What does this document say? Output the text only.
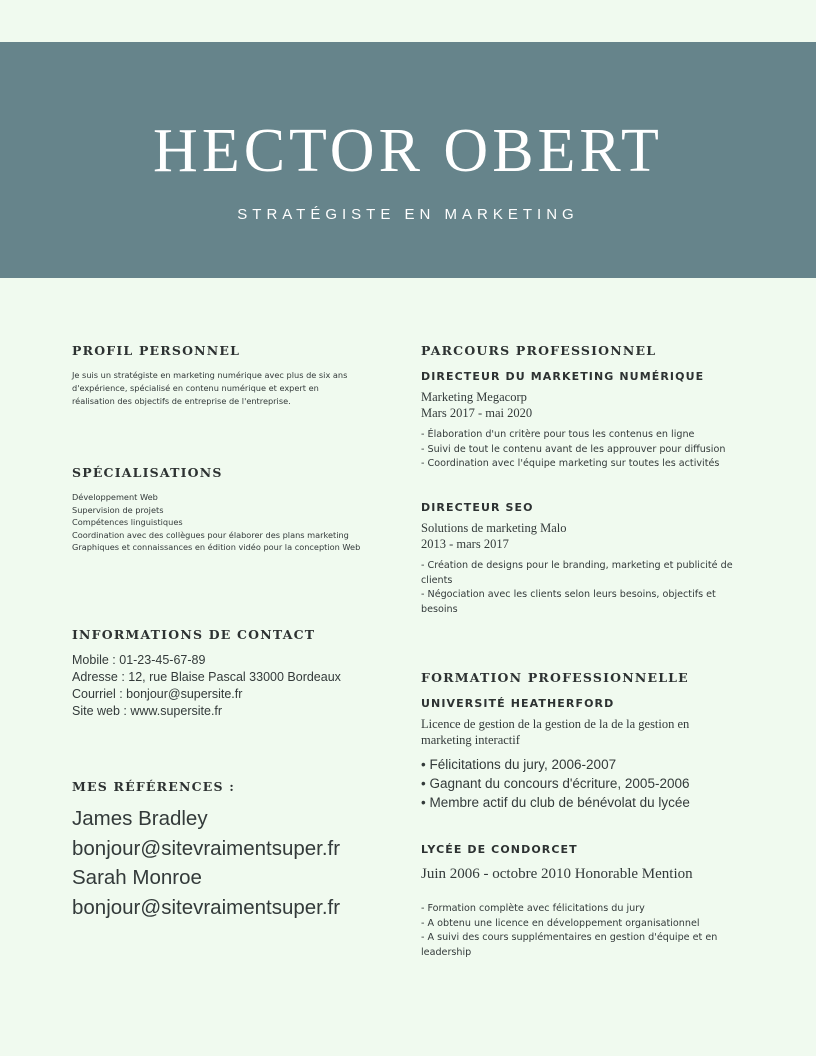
HECTOR OBERT
STRATÉGISTE EN MARKETING
PROFIL PERSONNEL
Je suis un stratégiste en marketing numérique avec plus de six ans d'expérience, spécialisé en contenu numérique et expert en réalisation des objectifs de entreprise de l'entreprise.
SPÉCIALISATIONS
Développement Web
Supervision de projets
Compétences linguistiques
Coordination avec des collègues pour élaborer des plans marketing
Graphiques et connaissances en édition vidéo pour la conception Web
INFORMATIONS DE CONTACT
Mobile : 01-23-45-67-89
Adresse : 12, rue Blaise Pascal 33000 Bordeaux
Courriel : bonjour@supersite.fr
Site web : www.supersite.fr
MES RÉFÉRENCES :
James Bradley
bonjour@sitevraimentsuper.fr
Sarah Monroe
bonjour@sitevraimentsuper.fr
PARCOURS PROFESSIONNEL
DIRECTEUR DU MARKETING NUMÉRIQUE
Marketing Megacorp
Mars 2017 - mai 2020
- Élaboration d'un critère pour tous les contenus en ligne
- Suivi de tout le contenu avant de les approuver pour diffusion
- Coordination avec l'équipe marketing sur toutes les activités
DIRECTEUR SEO
Solutions de marketing Malo
2013 - mars 2017
- Création de designs pour le branding, marketing et publicité de
clients
- Négociation avec les clients selon leurs besoins, objectifs et
besoins
FORMATION PROFESSIONNELLE
UNIVERSITÉ HEATHERFORD
Licence de gestion de la gestion de la de la gestion en
marketing interactif
• Félicitations du jury, 2006-2007
• Gagnant du concours d'écriture, 2005-2006
• Membre actif du club de bénévolat du lycée
LYCÉE DE CONDORCET
Juin 2006 - octobre 2010 Honorable Mention
- Formation complète avec félicitations du jury
- A obtenu une licence en développement organisationnel
- A suivi des cours supplémentaires en gestion d'équipe et en
leadership
